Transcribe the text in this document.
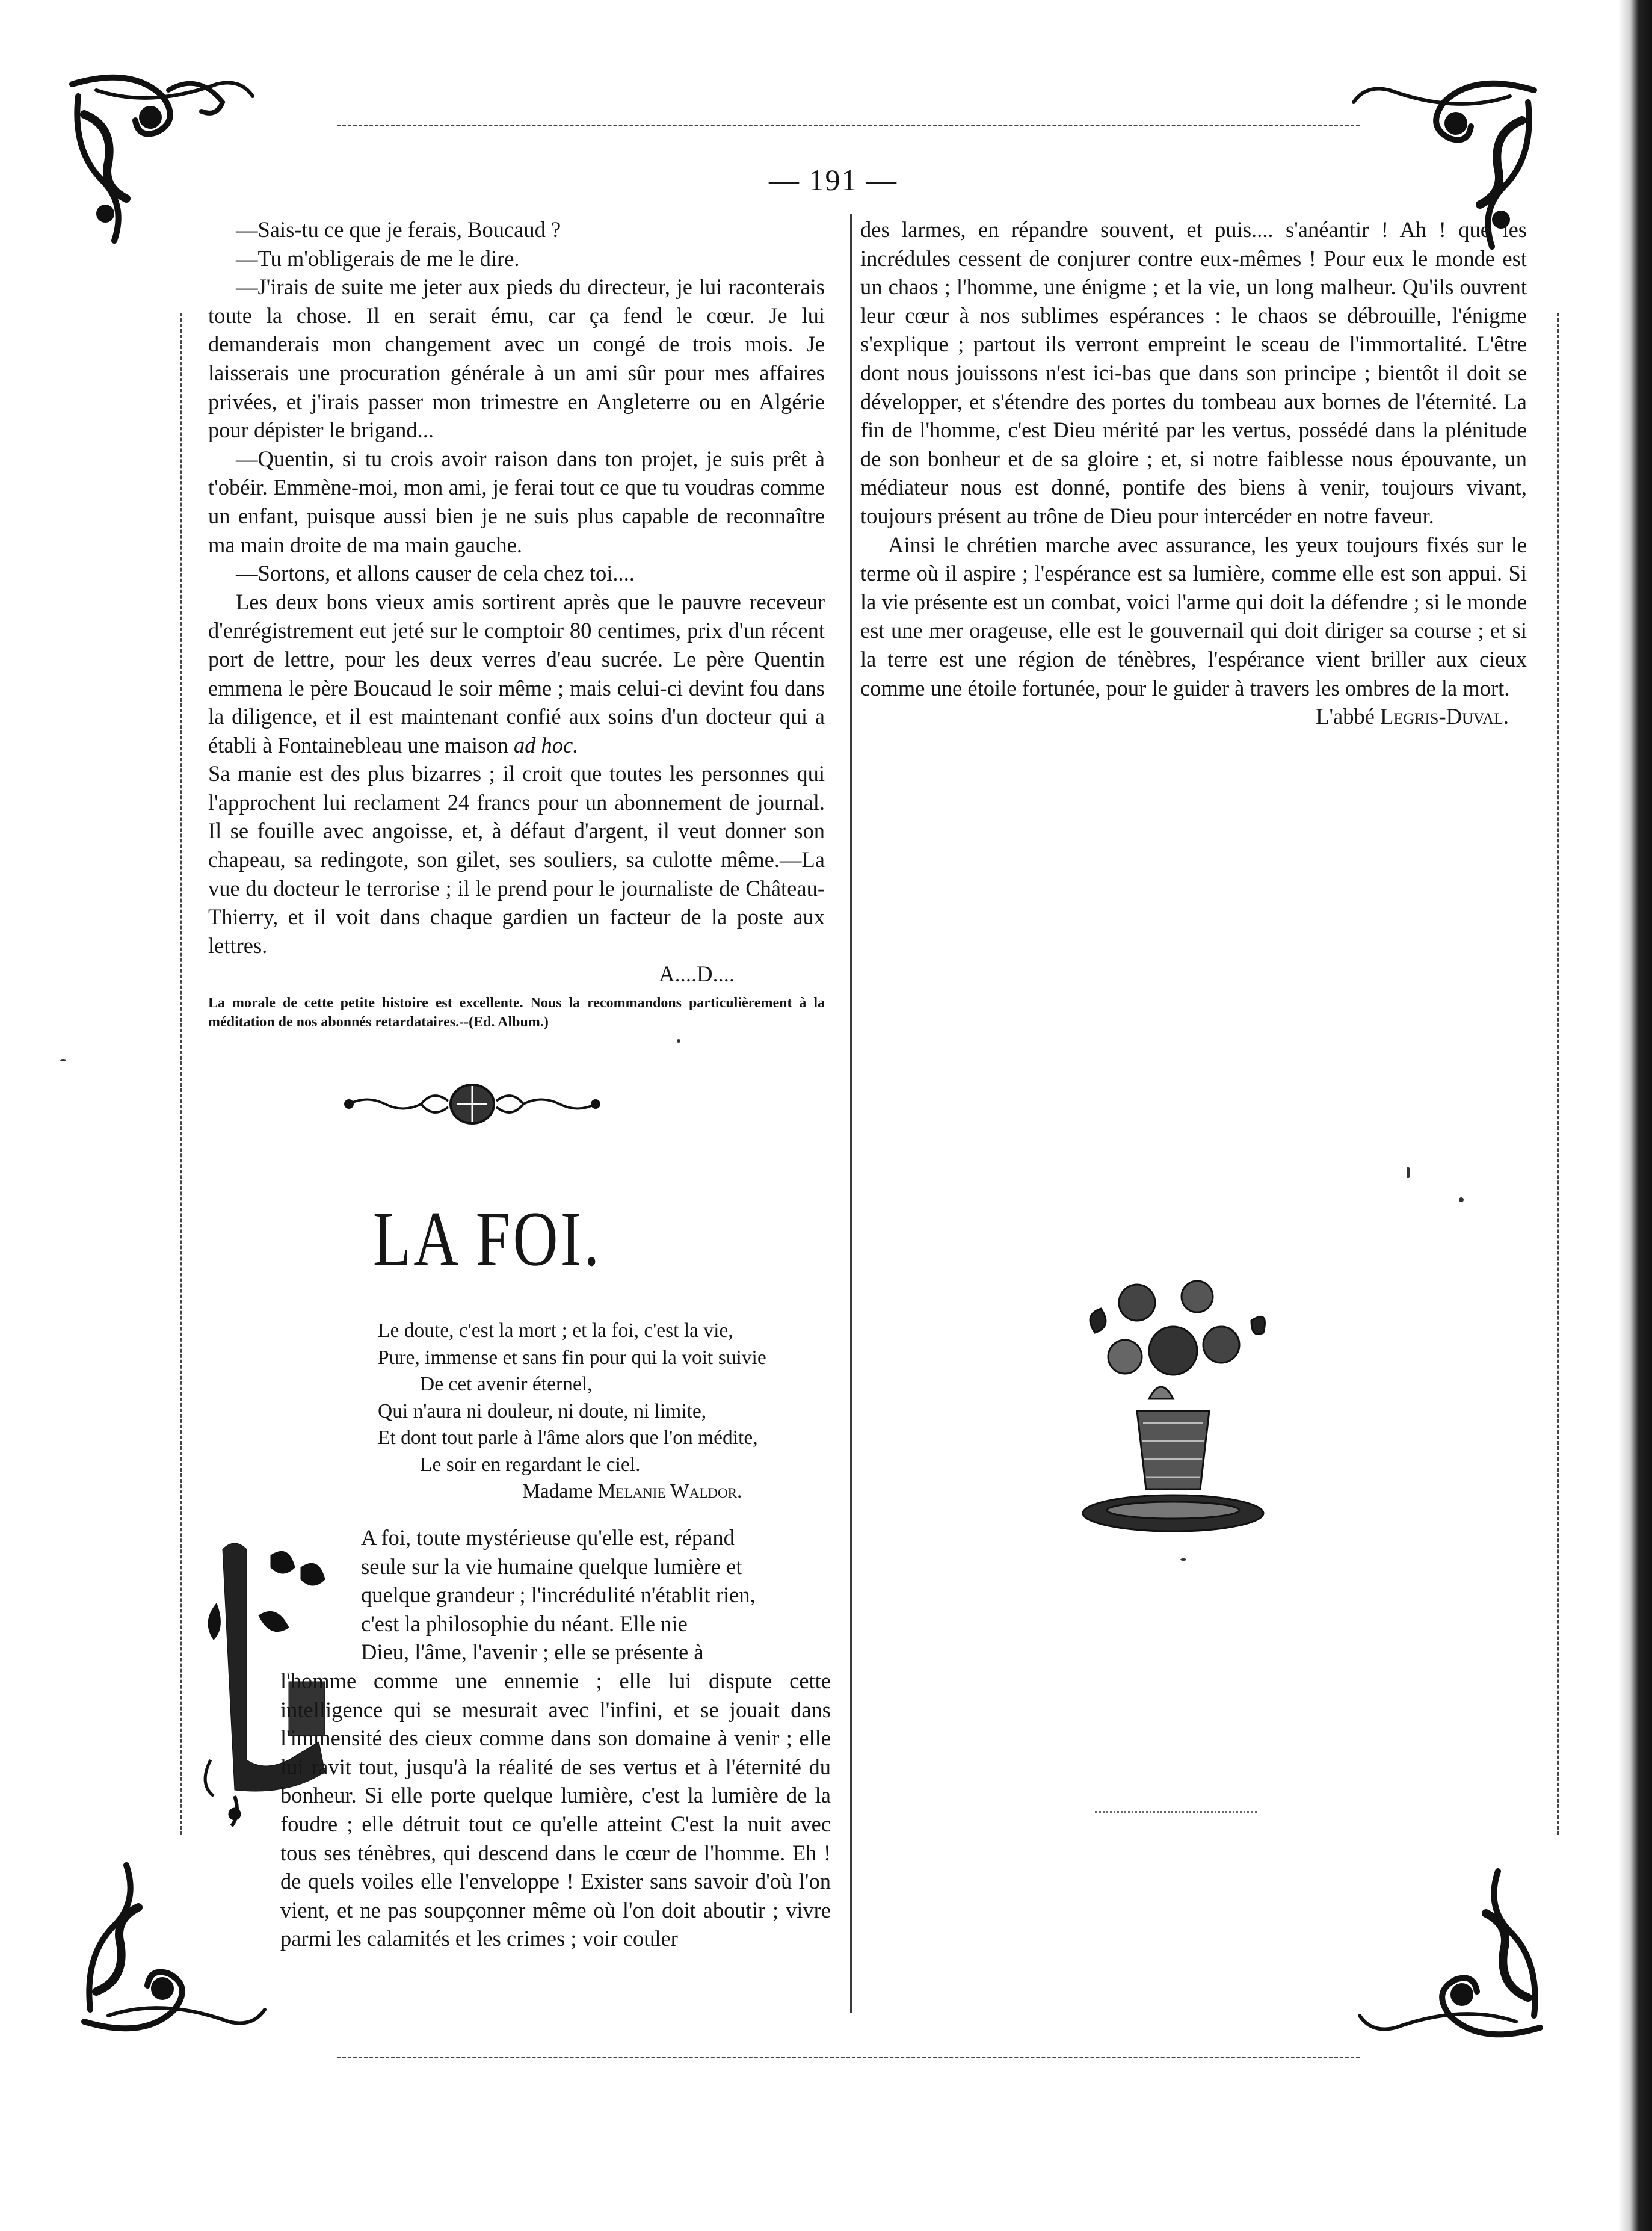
— 191 —

—Sais-tu ce que je ferais, Boucaud ?

—Tu m'obligerais de me le dire.

—J'irais de suite me jeter aux pieds du directeur, je lui raconterais toute la chose. Il en serait ému, car ça fend le cœur. Je lui demanderais mon changement avec un congé de trois mois. Je laisserais une procuration générale à un ami sûr pour mes affaires privées, et j'irais passer mon trimestre en Angleterre ou en Algérie pour dépister le brigand...

—Quentin, si tu crois avoir raison dans ton projet, je suis prêt à t'obéir. Emmène-moi, mon ami, je ferai tout ce que tu voudras comme un enfant, puisque aussi bien je ne suis plus capable de reconnaître ma main droite de ma main gauche.

—Sortons, et allons causer de cela chez toi....

Les deux bons vieux amis sortirent après que le pauvre receveur d'enrégistrement eut jeté sur le comptoir 80 centimes, prix d'un récent port de lettre, pour les deux verres d'eau sucrée. Le père Quentin emmena le père Boucaud le soir même ; mais celui-ci devint fou dans la diligence, et il est maintenant confié aux soins d'un docteur qui a établi à Fontainebleau une maison ad hoc.

Sa manie est des plus bizarres ; il croit que toutes les personnes qui l'approchent lui reclament 24 francs pour un abonnement de journal. Il se fouille avec angoisse, et, à défaut d'argent, il veut donner son chapeau, sa redingote, son gilet, ses souliers, sa culotte même.—La vue du docteur le terrorise ; il le prend pour le journaliste de Château-Thierry, et il voit dans chaque gardien un facteur de la poste aux lettres.

A....D....

La morale de cette petite histoire est excellente. Nous la recommandons particulièrement à la méditation de nos abonnés retardataires.--(Ed. Album.)

LA FOI.
Le doute, c'est la mort ; et la foi, c'est la vie,
Pure, immense et sans fin pour qui la voit suivie
De cet avenir éternel,
Qui n'aura ni douleur, ni doute, ni limite,
Et dont tout parle à l'âme alors que l'on médite,
Le soir en regardant le ciel.
Madame Melanie Waldor.
A foi, toute mystérieuse qu'elle est, répand
seule sur la vie humaine quelque lumière et
quelque grandeur ; l'incrédulité n'établit rien,
c'est la philosophie du néant. Elle nie
Dieu, l'âme, l'avenir ; elle se présente à

l'homme comme une ennemie ; elle lui dispute cette intelligence qui se mesurait avec l'infini, et se jouait dans l'immensité des cieux comme dans son domaine à venir ; elle lui ravit tout, jusqu'à la réalité de ses vertus et à l'éternité du bonheur. Si elle porte quelque lumière, c'est la lumière de la foudre ; elle détruit tout ce qu'elle atteint C'est la nuit avec tous ses ténèbres, qui descend dans le cœur de l'homme. Eh ! de quels voiles elle l'enveloppe ! Exister sans savoir d'où l'on vient, et ne pas soupçonner même où l'on doit aboutir ; vivre parmi les calamités et les crimes ; voir couler

des larmes, en répandre souvent, et puis.... s'anéantir ! Ah ! que les incrédules cessent de conjurer contre eux-mêmes ! Pour eux le monde est un chaos ; l'homme, une énigme ; et la vie, un long malheur. Qu'ils ouvrent leur cœur à nos sublimes espérances : le chaos se débrouille, l'énigme s'explique ; partout ils verront empreint le sceau de l'immortalité. L'être dont nous jouissons n'est ici-bas que dans son principe ; bientôt il doit se développer, et s'étendre des portes du tombeau aux bornes de l'éternité. La fin de l'homme, c'est Dieu mérité par les vertus, possédé dans la plénitude de son bonheur et de sa gloire ; et, si notre faiblesse nous épouvante, un médiateur nous est donné, pontife des biens à venir, toujours vivant, toujours présent au trône de Dieu pour intercéder en notre faveur.

Ainsi le chrétien marche avec assurance, les yeux toujours fixés sur le terme où il aspire ; l'espérance est sa lumière, comme elle est son appui. Si la vie présente est un combat, voici l'arme qui doit la défendre ; si le monde est une mer orageuse, elle est le gouvernail qui doit diriger sa course ; et si la terre est une région de ténèbres, l'espérance vient briller aux cieux comme une étoile fortunée, pour le guider à travers les ombres de la mort.

L'abbé Legris-Duval.
